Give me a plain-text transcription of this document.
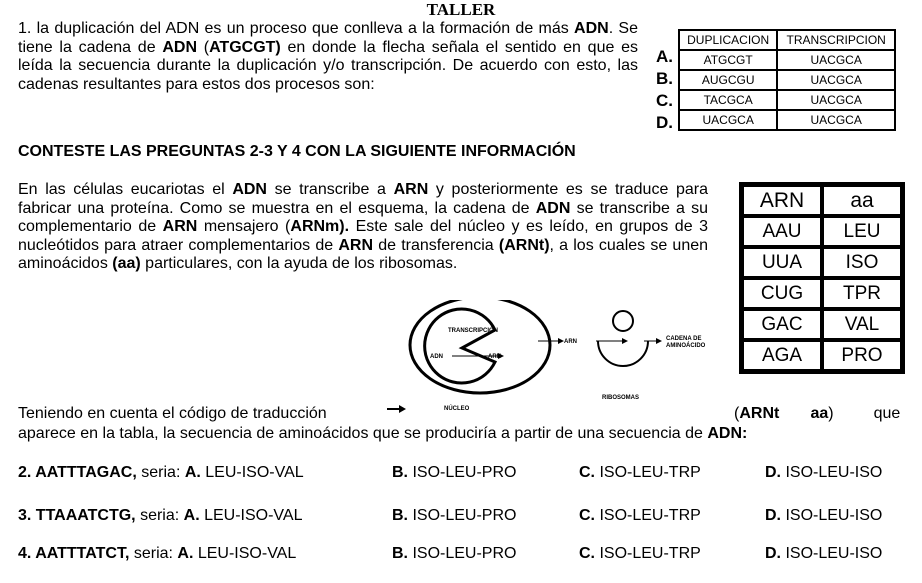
TALLER
1. la duplicación del ADN es un proceso que conlleva a la formación de más ADN. Se tiene la cadena de ADN (ATGCGT) en donde la flecha señala el sentido en que es leída la secuencia durante la duplicación y/o transcripción. De acuerdo con esto, las cadenas resultantes para estos dos procesos son:
A.
B.
C.
D.
DUPLICACION	TRANSCRIPCION
ATGCGT	UACGCA
AUGCGU	UACGCA
TACGCA	UACGCA
UACGCA	UACGCA
CONTESTE LAS PREGUNTAS 2-3 Y 4 CON LA SIGUIENTE INFORMACIÓN
En las células eucariotas el ADN se transcribe a ARN y posteriormente es se traduce para fabricar una proteína. Como se muestra en el esquema, la cadena de ADN se transcribe a su complementario de ARN mensajero (ARNm). Este sale del núcleo y es leído, en grupos de 3 nucleótidos para atraer complementarios de ARN de transferencia (ARNt), a los cuales se unen aminoácidos (aa) particulares, con la ayuda de los ribosomas.
ARN	aa
AAU	LEU
UUA	ISO
CUG	TPR
GAC	VAL
AGA	PRO
TRANSCRIPCIÓN
ADN	ARN
ARN
NÚCLEO
RIBOSOMAS
CADENA DE
AMINOÁCIDO
Teniendo en cuenta el código de traducción	(ARNt aa)         que
aparece en la tabla, la secuencia de aminoácidos que se produciría a partir de una secuencia de ADN:
2. AATTTAGAC, seria: A. LEU-ISO-VAL	B. ISO-LEU-PRO	C. ISO-LEU-TRP	D. ISO-LEU-ISO
3. TTAAATCTG, seria: A. LEU-ISO-VAL	B. ISO-LEU-PRO	C. ISO-LEU-TRP	D. ISO-LEU-ISO
4. AATTTATCT, seria: A. LEU-ISO-VAL	B. ISO-LEU-PRO	C. ISO-LEU-TRP	D. ISO-LEU-ISO
